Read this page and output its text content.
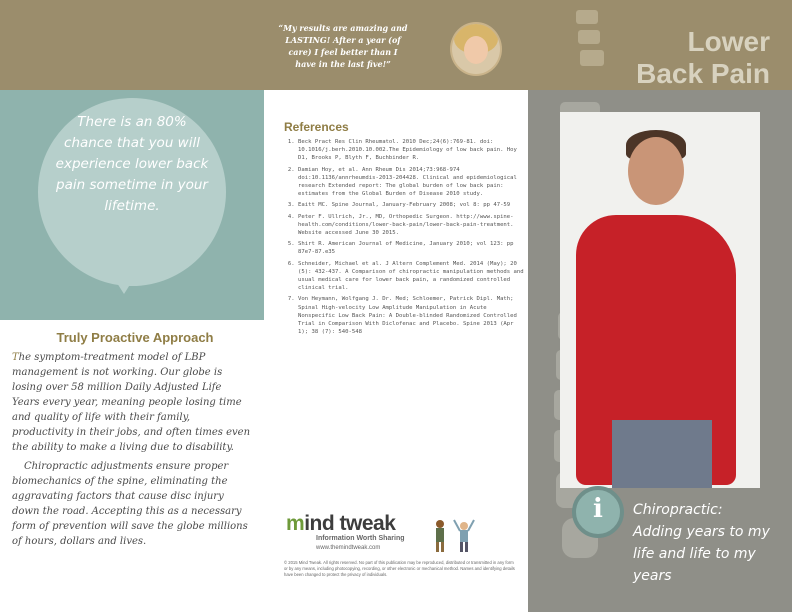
There is an 80% chance that you will experience lower back pain sometime in your lifetime.
Truly Proactive Approach

The symptom-treatment model of LBP management is not working. Our globe is losing over 58 million Daily Adjusted Life Years every year, meaning people losing time and quality of life with their family, productivity in their jobs, and often times even the ability to make a living due to disability.

Chiropractic adjustments ensure proper biomechanics of the spine, eliminating the aggravating factors that cause disc injury down the road. Accepting this as a necessary form of prevention will save the globe millions of hours, dollars and lives.

“My results are amazing and LASTING! After a year (of care) I feel better than I have in the last five!”
Lower
Back Pain
References
1. Beck Pract Res Clin Rheumatol. 2010 Dec;24(6):769-81. doi: 10.1016/j.berh.2010.10.002.The Epidemiology of low back pain. Hoy D1, Brooks P, Blyth F, Buchbinder R.
2. Damian Hoy, et al. Ann Rheum Dis 2014;73:968-974 doi:10.1136/annrheumdis-2013-204428. Clinical and epidemiological research Extended report: The global burden of low back pain: estimates from the Global Burden of Disease 2010 study.
3. Eaitt MC. Spine Journal, January-February 2008; vol 8: pp 47-59
4. Peter F. Ullrich, Jr., MD, Orthopedic Surgeon. http://www.spine-health.com/conditions/lower-back-pain/lower-back-pain-treatment. Website accessed June 30 2015.
5. Shirt R. American Journal of Medicine, January 2010; vol 123: pp 87e7-87.e35
6. Schneider, Michael et al. J Altern Complement Med. 2014 (May); 20 (5): 432-437. A Comparison of chiropractic manipulation methods and usual medical care for lower back pain, a randomized controlled clinical trial.
7. Von Heymann, Wolfgang J. Dr. Med; Schloemer, Patrick Dipl. Math; Spinal High-velocity Low Amplitude Manipulation in Acute Nonspecific Low Back Pain: A Double-blinded Randomized Controlled Trial in Comparison With Diclofenac and Placebo. Spine 2013 (Apr 1); 38 (7): 540-548
mind tweak
Information Worth Sharing
www.themindtweak.com
© 2015 Mind Tweak. All rights reserved. No part of this publication may be reproduced, distributed or transmitted in any form or by any means, including photocopying, recording, or other electronic or mechanical method. Names and identifying details have been changed to protect the privacy of individuals.
i	Chiropractic: Adding years to my life and life to my years
